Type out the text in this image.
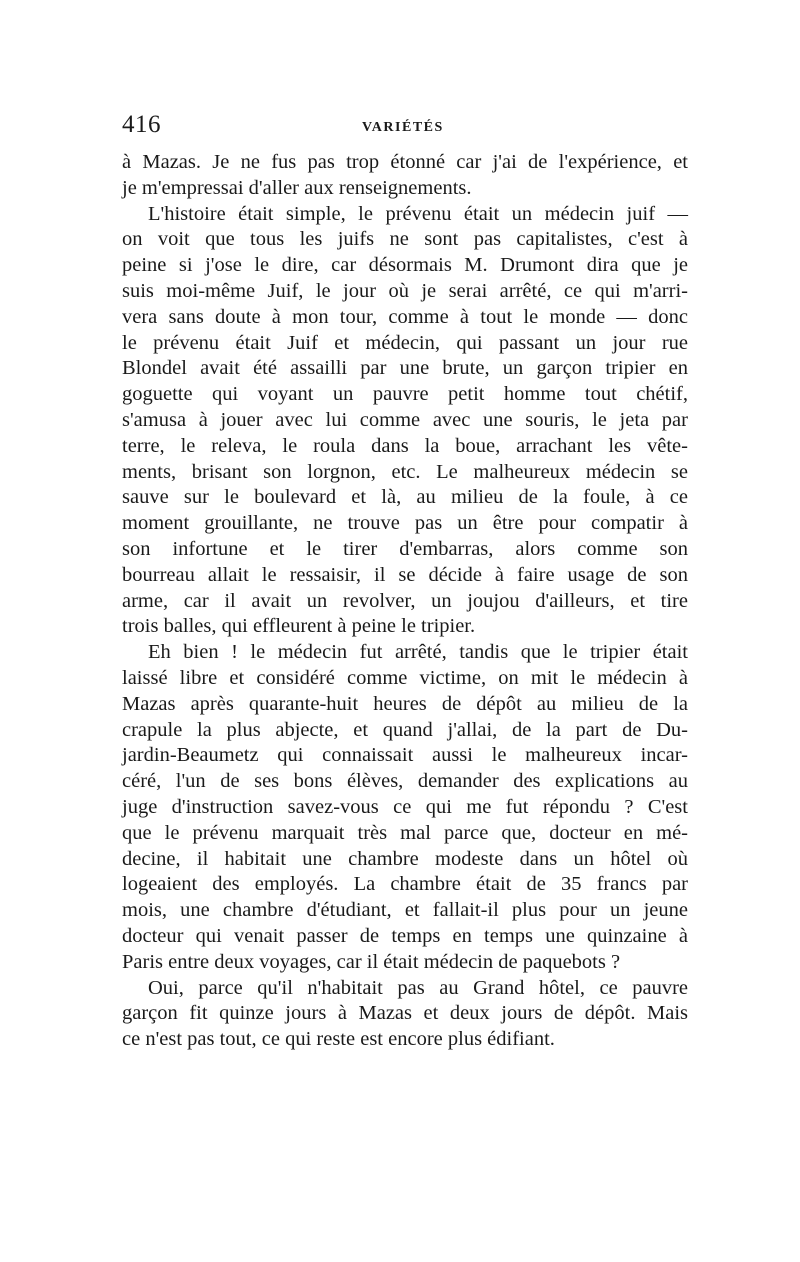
416	VARIÉTÉS
à Mazas. Je ne fus pas trop étonné car j'ai de l'expérience, et
je m'empressai d'aller aux renseignements.
L'histoire était simple, le prévenu était un médecin juif —
on voit que tous les juifs ne sont pas capitalistes, c'est à
peine si j'ose le dire, car désormais M. Drumont dira que je
suis moi-même Juif, le jour où je serai arrêté, ce qui m'arri-
vera sans doute à mon tour, comme à tout le monde — donc
le prévenu était Juif et médecin, qui passant un jour rue
Blondel avait été assailli par une brute, un garçon tripier en
goguette qui voyant un pauvre petit homme tout chétif,
s'amusa à jouer avec lui comme avec une souris, le jeta par
terre, le releva, le roula dans la boue, arrachant les vête-
ments, brisant son lorgnon, etc. Le malheureux médecin se
sauve sur le boulevard et là, au milieu de la foule, à ce
moment grouillante, ne trouve pas un être pour compatir à
son infortune et le tirer d'embarras, alors comme son
bourreau allait le ressaisir, il se décide à faire usage de son
arme, car il avait un revolver, un joujou d'ailleurs, et tire
trois balles, qui effleurent à peine le tripier.
Eh bien ! le médecin fut arrêté, tandis que le tripier était
laissé libre et considéré comme victime, on mit le médecin à
Mazas après quarante-huit heures de dépôt au milieu de la
crapule la plus abjecte, et quand j'allai, de la part de Du-
jardin-Beaumetz qui connaissait aussi le malheureux incar-
céré, l'un de ses bons élèves, demander des explications au
juge d'instruction savez-vous ce qui me fut répondu ? C'est
que le prévenu marquait très mal parce que, docteur en mé-
decine, il habitait une chambre modeste dans un hôtel où
logeaient des employés. La chambre était de 35 francs par
mois, une chambre d'étudiant, et fallait-il plus pour un jeune
docteur qui venait passer de temps en temps une quinzaine à
Paris entre deux voyages, car il était médecin de paquebots ?
Oui, parce qu'il n'habitait pas au Grand hôtel, ce pauvre
garçon fit quinze jours à Mazas et deux jours de dépôt. Mais
ce n'est pas tout, ce qui reste est encore plus édifiant.
